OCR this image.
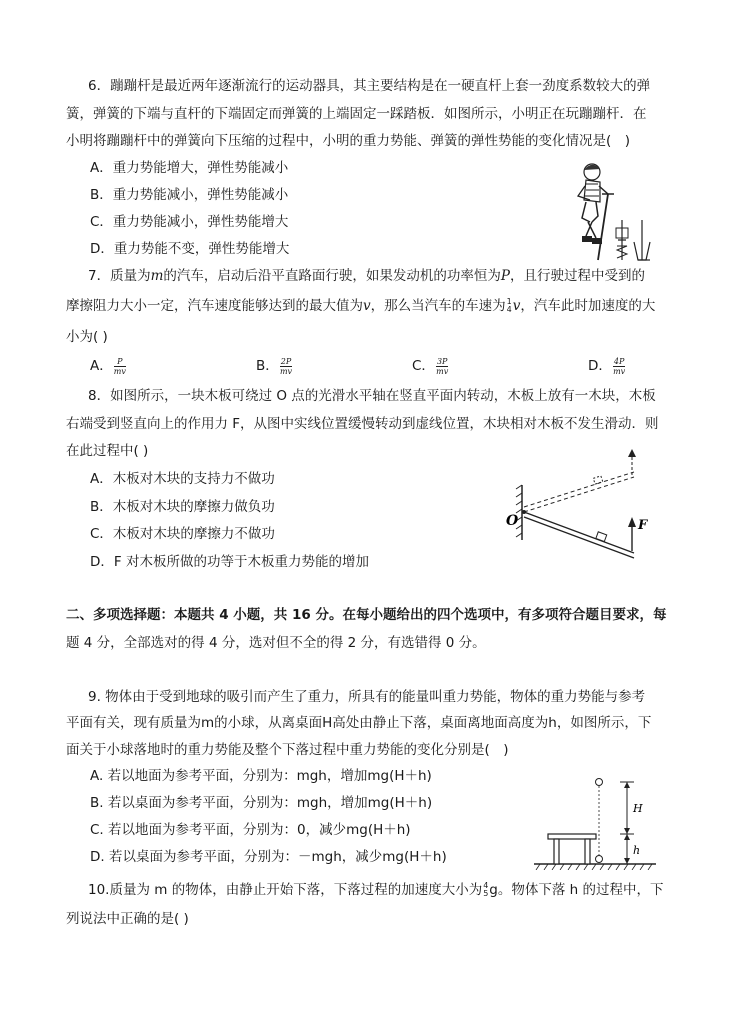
6．蹦蹦杆是最近两年逐渐流行的运动器具，其主要结构是在一硬直杆上套一劲度系数较大的弹
簧，弹簧的下端与直杆的下端固定而弹簧的上端固定一踩踏板．如图所示，小明正在玩蹦蹦杆．在
小明将蹦蹦杆中的弹簧向下压缩的过程中，小明的重力势能、弹簧的弹性势能的变化情况是(　)
A．重力势能增大，弹性势能减小
B．重力势能减小，弹性势能减小
C．重力势能减小，弹性势能增大
D．重力势能不变，弹性势能增大
7．质量为m的汽车，启动后沿平直路面行驶，如果发动机的功率恒为P，且行驶过程中受到的
摩擦阻力大小一定，汽车速度能够达到的最大值为v，那么当汽车的车速为 1
4 v，汽车此时加速度的大
小为( )
A． $\frac{P}{mv}$	B． $\frac{2P}{mv}$	C． $\frac{3P}{mv}$	D． $\frac{4P}{mv}$
8．如图所示，一块木板可绕过 O 点的光滑水平轴在竖直平面内转动，木板上放有一木块，木板
右端受到竖直向上的作用力 F，从图中实线位置缓慢转动到虚线位置，木块相对木板不发生滑动．则
在此过程中( )
A．木板对木块的支持力不做功
B．木板对木块的摩擦力做负功
C．木板对木块的摩擦力不做功
D．F 对木板所做的功等于木板重力势能的增加
O	F
二、多项选择题：本题共 4 小题，共 16 分。在每小题给出的四个选项中，有多项符合题目要求，每
题 4 分，全部选对的得 4 分，选对但不全的得 2 分，有选错得 0 分。
9. 物体由于受到地球的吸引而产生了重力，所具有的能量叫重力势能，物体的重力势能与参考
平面有关，现有质量为m的小球，从离桌面H高处由静止下落，桌面离地面高度为h，如图所示，下
面关于小球落地时的重力势能及整个下落过程中重力势能的变化分别是(　)
A. 若以地面为参考平面，分别为：mgh，增加mg(H＋h)
B. 若以桌面为参考平面，分别为：mgh，增加mg(H＋h)
C. 若以地面为参考平面，分别为：0，减少mg(H＋h)
D. 若以桌面为参考平面，分别为：－mgh，减少mg(H＋h)
H
h
10.质量为 m 的物体，由静止开始下落，下落过程的加速度大小为 4
5 g。物体下落 h 的过程中，下
列说法中正确的是( )
